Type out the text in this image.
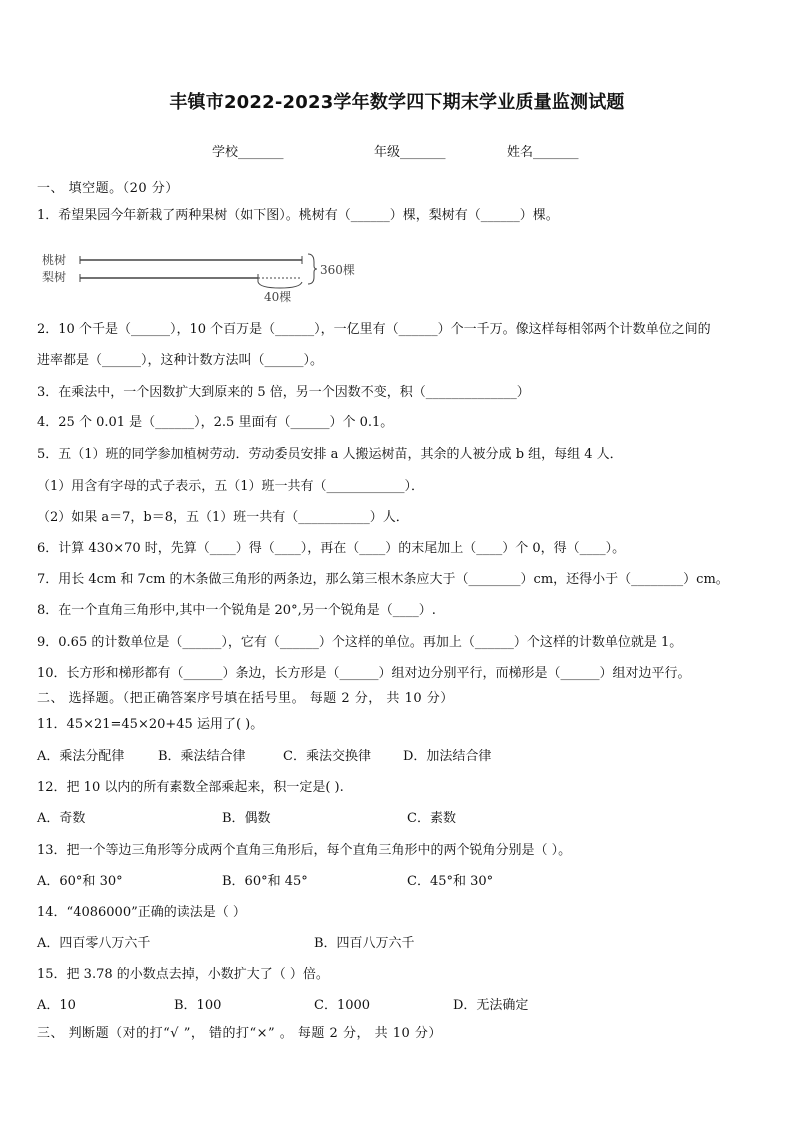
丰镇市2022-2023学年数学四下期末学业质量监测试题
学校_______	年级_______	姓名_______
一、 填空题。（20 分）
1．希望果园今年新栽了两种果树（如下图）。桃树有（______）棵，梨树有（______）棵。
桃树
梨树
40棵
360棵
2．10 个千是（______），10 个百万是（______），一亿里有（______）个一千万。像这样每相邻两个计数单位之间的
进率都是（______），这种计数方法叫（______）。
3．在乘法中，一个因数扩大到原来的 5 倍，另一个因数不变，积（______________）
4．25 个 0.01 是（______），2.5 里面有（______）个 0.1。
5．五（1）班的同学参加植树劳动．劳动委员安排 a 人搬运树苗，其余的人被分成 b 组，每组 4 人．
（1）用含有字母的式子表示，五（1）班一共有（____________）．
（2）如果 a＝7，b＝8，五（1）班一共有（___________）人．
6．计算 430×70 时，先算（____）得（____），再在（____）的末尾加上（____）个 0，得（____）。
7．用长 4cm 和 7cm 的木条做三角形的两条边，那么第三根木条应大于（________）cm，还得小于（________）cm。
8．在一个直角三角形中,其中一个锐角是 20°,另一个锐角是（____）.
9．0.65 的计数单位是（______），它有（______）个这样的单位。再加上（______）个这样的计数单位就是 1。
10．长方形和梯形都有（______）条边，长方形是（______）组对边分别平行，而梯形是（______）组对边平行。
二、 选择题。（把正确答案序号填在括号里。 每题 2 分， 共 10 分）
11．45×21=45×20+45 运用了( )。
A．乘法分配律	B．乘法结合律	C．乘法交换律 D．加法结合律
12．把 10 以内的所有素数全部乘起来，积一定是( ).
A．奇数	B．偶数	C．素数
13．把一个等边三角形等分成两个直角三角形后，每个直角三角形中的两个锐角分别是（ ）。
A．60°和 30°	B．60°和 45°	C．45°和 30°
14．“4086000”正确的读法是（ ）
A．四百零八万六千	B．四百八万六千
15．把 3.78 的小数点去掉，小数扩大了（ ）倍。
A．10	B．100	C．1000	D．无法确定
三、 判断题（对的打“√ ”， 错的打“×” 。 每题 2 分， 共 10 分）
